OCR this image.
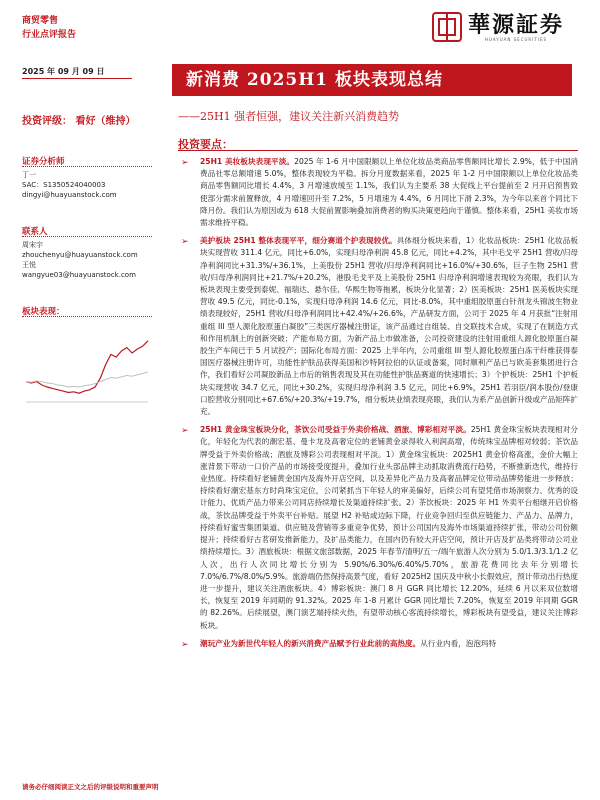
商贸零售
行业点评报告	華源証券
HUAYUAN SECURITIES
2025 年 09 月 09 日	新消费 2025H1 板块表现总结
投资评级： 看好（维持）	——25H1 强者恒强，建议关注新兴消费趋势
投资要点：
证券分析师
丁一
SAC：S1350524040003
dingyi@huayuanstock.com
联系人
周宋宇
zhouchenyu@huayuanstock.com
王悦
wangyue03@huayuanstock.com
板块表现：
➢ 25H1 美妆板块表现平淡。2025 年 1-6 月中国限额以上单位化妆品类商品零售额同比增长 2.9%，低于中国消费品社零总额增速 5.0%，整体表现较为平稳。拆分月度数据来看，2025 年 1-2 月中国限额以上单位化妆品类商品零售额同比增长 4.4%，3 月增速放缓至 1.1%，我们认为主要系 38 大促线上平台提前至 2 月开启预售致使部分需求前置释放，4 月增速回升至 7.2%，5 月增速为 4.4%，6 月同比下滑 2.3%，为今年以来首个同比下降月份。我们认为原因或为 618 大促前置影响叠加消费者的购买决策更趋向于谨慎。整体来看，25H1 美妆市场需求维持平稳。
➢ 美护板块 25H1 整体表现平平，细分赛道个护表现较优。具体细分板块来看，1）化妆品板块：25H1 化妆品板块实现营收 311.4 亿元，同比+6.0%，实现归母净利润 45.8 亿元，同比+4.2%，其中毛戈平 25H1 营收/归母净利润同比+31.3%/+36.1%，上美股份 25H1 营收/归母净利润同比+16.0%/+30.6%，巨子生物 25H1 营收/归母净利润同比+21.7%/+20.2%，港股毛戈平及上美股份 25H1 归母净利润增速表现较为亮眼，我们认为板块表现主要受到泰妮、福瑞达、悬尔佳、华熙生物等拖累，板块分化显著；2）医美板块：25H1 医美板块实现营收 49.5 亿元，同比-0.1%，实现归母净利润 14.6 亿元，同比-8.0%，其中重组胶原蛋白针剂龙头锦波生物业绩表现较好，25H1 营收/归母净利润同比+42.4%/+26.6%，产品研发方面，公司于 2025 年 4 月获批“注射用重组 III 型人源化胶原蛋白凝胶”三类医疗器械注册证，该产品通过自组装、自交联技术合成，实现了在制造方式和作用机制上的创新突破；产能布局方面，为新产品上市做准备，公司投资建设的注射用重组人源化胶原蛋白凝胶生产车间已于 5 月试投产；国际化布局方面：2025 上半年内，公司重组 III 型人源化胶原蛋白冻干纤维获得泰国医疗器械注册许可，功能性护肤品获得美国和沙特阿拉伯的认证或备案，同时顺利产品已与欧美套集团进行合作，我们看好公司凝胶新品上市后的销售表现及其在功能性护肤品赛道的快速增长；3）个护板块：25H1 个护板块实现营收 34.7 亿元，同比+30.2%，实现归母净利润 3.5 亿元，同比+6.9%，25H1 若羽臣/润本股份/登康口腔营收分别同比+67.6%/+20.3%/+19.7%，细分板块业绩表现亮眼，我们认为系产品创新升级或产品矩阵扩充。
➢ 25H1 黄金珠宝板块分化，茶饮公司受益于外卖价格战、酒旅、博彩相对平淡。25H1 黄金珠宝板块表现相对分化，年轻化为代表的潮宏基、曼卡龙及高奢定位的老铺黄金录得收入利润高增，传统珠宝品牌相对较弱；茶饮品牌受益于外卖价格战；酒旅及博彩公司表现相对平淡。1）黄金珠宝板块：2025H1 黄金价格高涨，金价大幅上涨背景下带动一口价产品的市场接受度提升，叠加行业头部品牌主动抓取消费流行趋势，不断推新迭代，维持行业热度。持续看好老铺黄金国内及海外开店空间，以及差异化产品力及高奢品牌定位带动品牌势能进一步释放；持续看好潮宏基东方时尚珠宝定位，公司紧抓当下年轻人的审美偏好，后续公司有望凭借市场洞察力、优秀的设计能力、优质产品力带来公司同店持续增长及渠道持续扩张。2）茶饮板块：2025 年 H1 外卖平台相继开启价格战，茶饮品牌受益于外卖平台补贴。展望 H2 补贴或边际下降，行业竞争回归至供应链能力、产品力、品牌力，持续看好蜜雪集团渠道、供应链及营销等多重竞争优势，预计公司国内及海外市场渠道持续扩张，带动公司份额提升；持续看好古茗研发推新能力，及扩品类能力，在国内仍有较大开店空间，预计开店及扩品类将带动公司业绩持续增长。3）酒旅板块：根据文旅部数据，2025 年春节/清明/五一/端午旅游人次分别为 5.0/1.3/3.1/1.2 亿人次，出行人次同比增长分别为 5.90%/6.30%/6.40%/5.70%，旅游花费同比去年分别增长 7.0%/6.7%/8.0%/5.9%。旅游端仍然保持高景气度，看好 2025H2 国庆及中秋小长假效应，预计带动出行热度进一步提升，建议关注酒旅板块。4）博彩板块：澳门 8 月 GGR 同比增长 12.20%，延续 6 月以来双位数增长，恢复至 2019 年同期的 91.32%。2025 年 1-8 月累计 GGR 同比增长 7.20%，恢复至 2019 年同期 GGR 的 82.26%。后续展望，澳门演艺端持续火热，有望带动核心客流持续增长，博彩板块有望受益，建议关注博彩板块。
➢ 潮玩产业为新世代年轻人的新兴消费产品赋予行业此前的高热度。从行业内看，泡泡玛特
请务必仔细阅读正文之后的评级说明和重要声明
